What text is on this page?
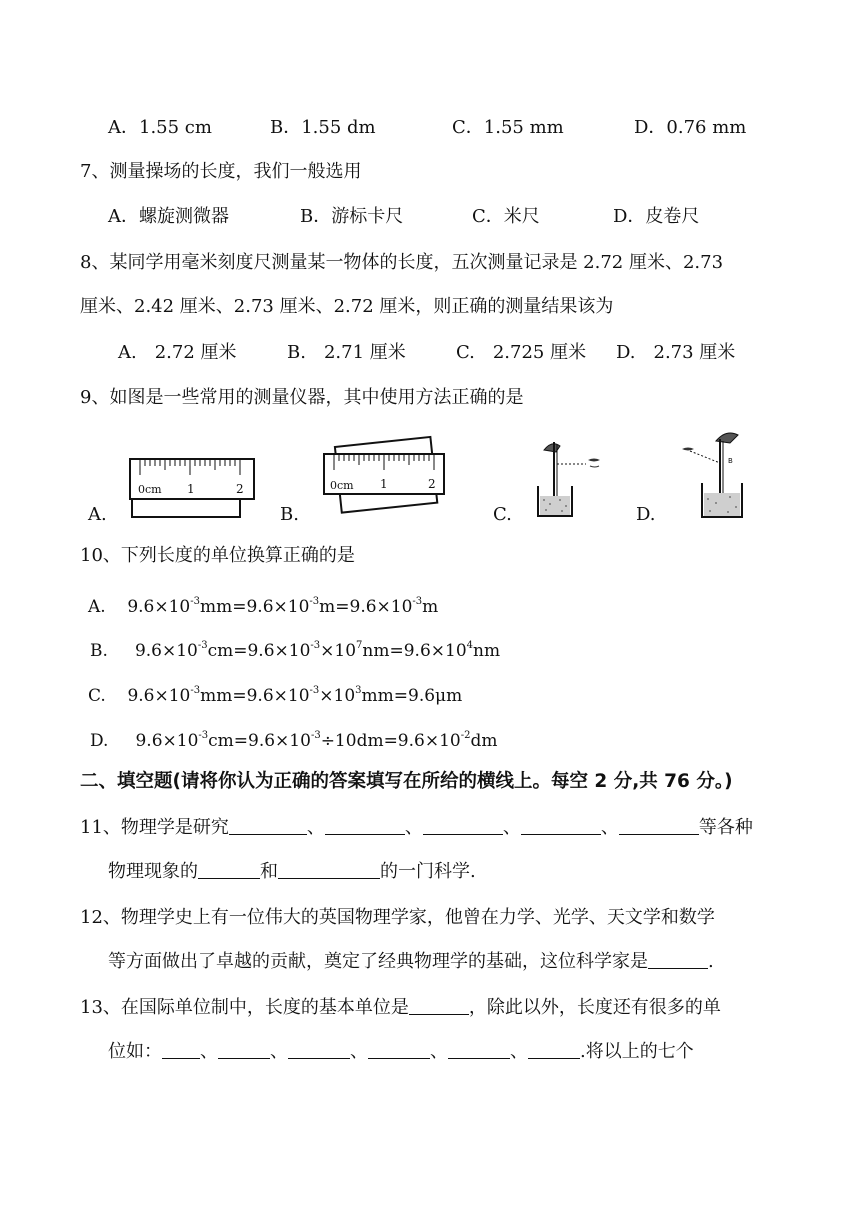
A．1.55 cm	B．1.55 dm	C．1.55 mm	D．0.76 mm
7、测量操场的长度，我们一般选用
A．螺旋测微器	B．游标卡尺	C．米尺	D．皮卷尺
8、某同学用毫米刻度尺测量某一物体的长度，五次测量记录是 2.72 厘米、2.73
厘米、2.42 厘米、2.73 厘米、2.72 厘米，则正确的测量结果该为
A.　2.72 厘米	B.　2.71 厘米	C.　2.725 厘米 D.　2.73 厘米
9、如图是一些常用的测量仪器，其中使用方法正确的是
A.	B.	C.	D.
0cm 1	2	0cm 1	2
B
10、下列长度的单位换算正确的是
A. $9.6\times 10^{-3}mm=9.6\times 10^{-3}m=9.6\times 10^{-3}m$
B. $9.6\times 10^{-3}cm=9.6\times 10^{-3}\times 10^7nm=9.6\times 10^4nm$
C. $9.6\times 10^{-3}mm=9.6\times 10^{-3}\times 10^3mm=9.6\mu m$
D. $9.6\times 10^{-3}cm=9.6\times 10^{-3}\div 10dm=9.6\times 10^{-2}dm$
二、填空题(请将你认为正确的答案填写在所给的横线上。每空 2 分,共 76 分。)
11、物理学是研究	、	、	、	、	等各种
物理现象的	和	的一门科学.
12、物理学史上有一位伟大的英国物理学家，他曾在力学、光学、天文学和数学
等方面做出了卓越的贡献，奠定了经典物理学的基础，这位科学家是	.
13、在国际单位制中，长度的基本单位是	，除此以外，长度还有很多的单
位如： 、	、	、	、	、	.将以上的七个
